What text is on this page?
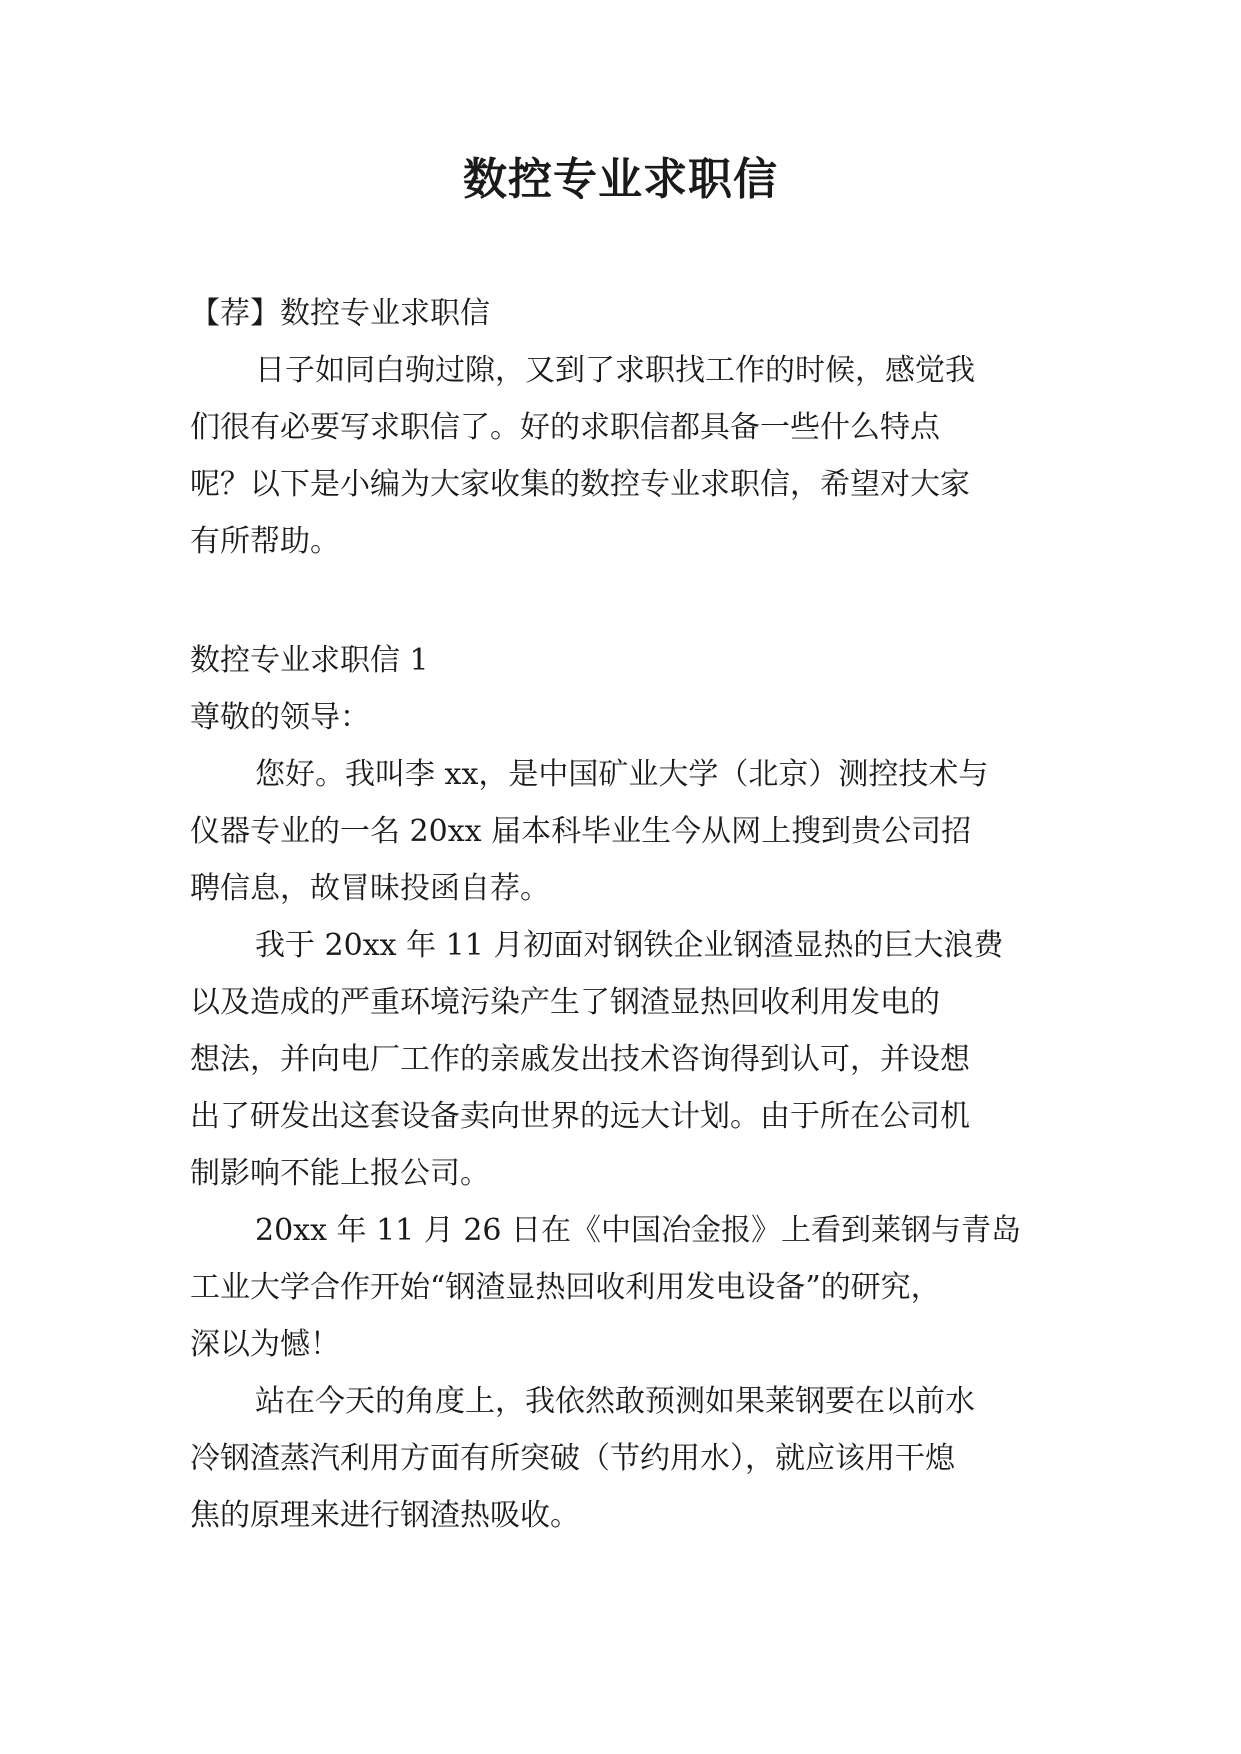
数控专业求职信

【荐】数控专业求职信

日子如同白驹过隙，又到了求职找工作的时候，感觉我

们很有必要写求职信了。好的求职信都具备一些什么特点

呢？以下是小编为大家收集的数控专业求职信，希望对大家

有所帮助。

数控专业求职信 1

尊敬的领导：

您好。我叫李 xx，是中国矿业大学（北京）测控技术与

仪器专业的一名 20xx 届本科毕业生今从网上搜到贵公司招

聘信息，故冒昧投函自荐。

我于 20xx 年 11 月初面对钢铁企业钢渣显热的巨大浪费

以及造成的严重环境污染产生了钢渣显热回收利用发电的

想法，并向电厂工作的亲戚发出技术咨询得到认可，并设想

出了研发出这套设备卖向世界的远大计划。由于所在公司机

制影响不能上报公司。

20xx 年 11 月 26 日在《中国冶金报》上看到莱钢与青岛

工业大学合作开始“钢渣显热回收利用发电设备”的研究，

深以为憾！

站在今天的角度上，我依然敢预测如果莱钢要在以前水

冷钢渣蒸汽利用方面有所突破（节约用水），就应该用干熄

焦的原理来进行钢渣热吸收。
